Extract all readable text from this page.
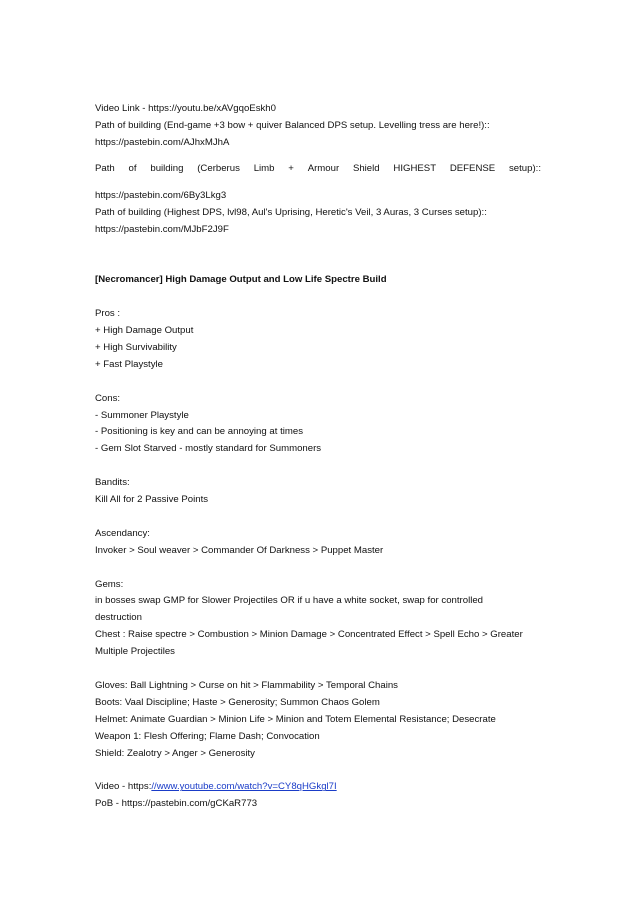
Video Link - https://youtu.be/xAVgqoEskh0

Path of building (End-game +3 bow + quiver Balanced DPS setup. Levelling tress are here!)::

https://pastebin.com/AJhxMJhA

Path of building (Cerberus Limb + Armour Shield HIGHEST DEFENSE setup)::

https://pastebin.com/6By3Lkg3

Path of building (Highest DPS, lvl98, Aul's Uprising, Heretic's Veil, 3 Auras, 3 Curses setup)::

https://pastebin.com/MJbF2J9F

[Necromancer] High Damage Output and Low Life Spectre Build

Pros :

+ High Damage Output

+ High Survivability

+ Fast Playstyle

Cons:

- Summoner Playstyle

- Positioning is key and can be annoying at times

- Gem Slot Starved - mostly standard for Summoners

Bandits:

Kill All for 2 Passive Points

Ascendancy:

Invoker > Soul weaver > Commander Of Darkness > Puppet Master

Gems:

in bosses swap GMP for Slower Projectiles OR if u have a white socket, swap for controlled

destruction

Chest : Raise spectre > Combustion > Minion Damage > Concentrated Effect > Spell Echo > Greater

Multiple Projectiles

Gloves: Ball Lightning > Curse on hit > Flammability > Temporal Chains

Boots: Vaal Discipline; Haste > Generosity; Summon Chaos Golem

Helmet: Animate Guardian > Minion Life > Minion and Totem Elemental Resistance; Desecrate

Weapon 1: Flesh Offering; Flame Dash; Convocation

Shield: Zealotry > Anger > Generosity

Video - https://www.youtube.com/watch?v=CY8qHGkgl7I

PoB - https://pastebin.com/gCKaR773
